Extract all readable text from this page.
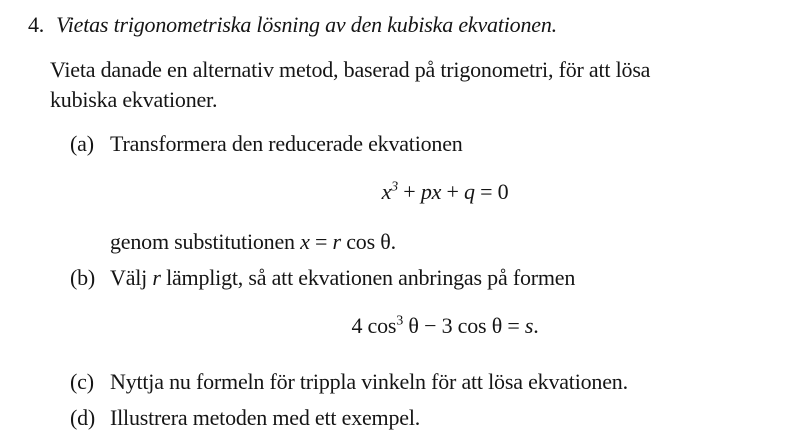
4. Vietas trigonometriska lösning av den kubiska ekvationen.
Vieta danade en alternativ metod, baserad på trigonometri, för att lösa
kubiska ekvationer.
(a) Transformera den reducerade ekvationen
$x^3$ + px + q = 0
genom substitutionen x = r cos θ.
(b) Välj r lämpligt, så att ekvationen anbringas på formen
4 $\cos^3 \theta - 3$ cos θ = s.
(c) Nyttja nu formeln för trippla vinkeln för att lösa ekvationen.
(d) Illustrera metoden med ett exempel.
